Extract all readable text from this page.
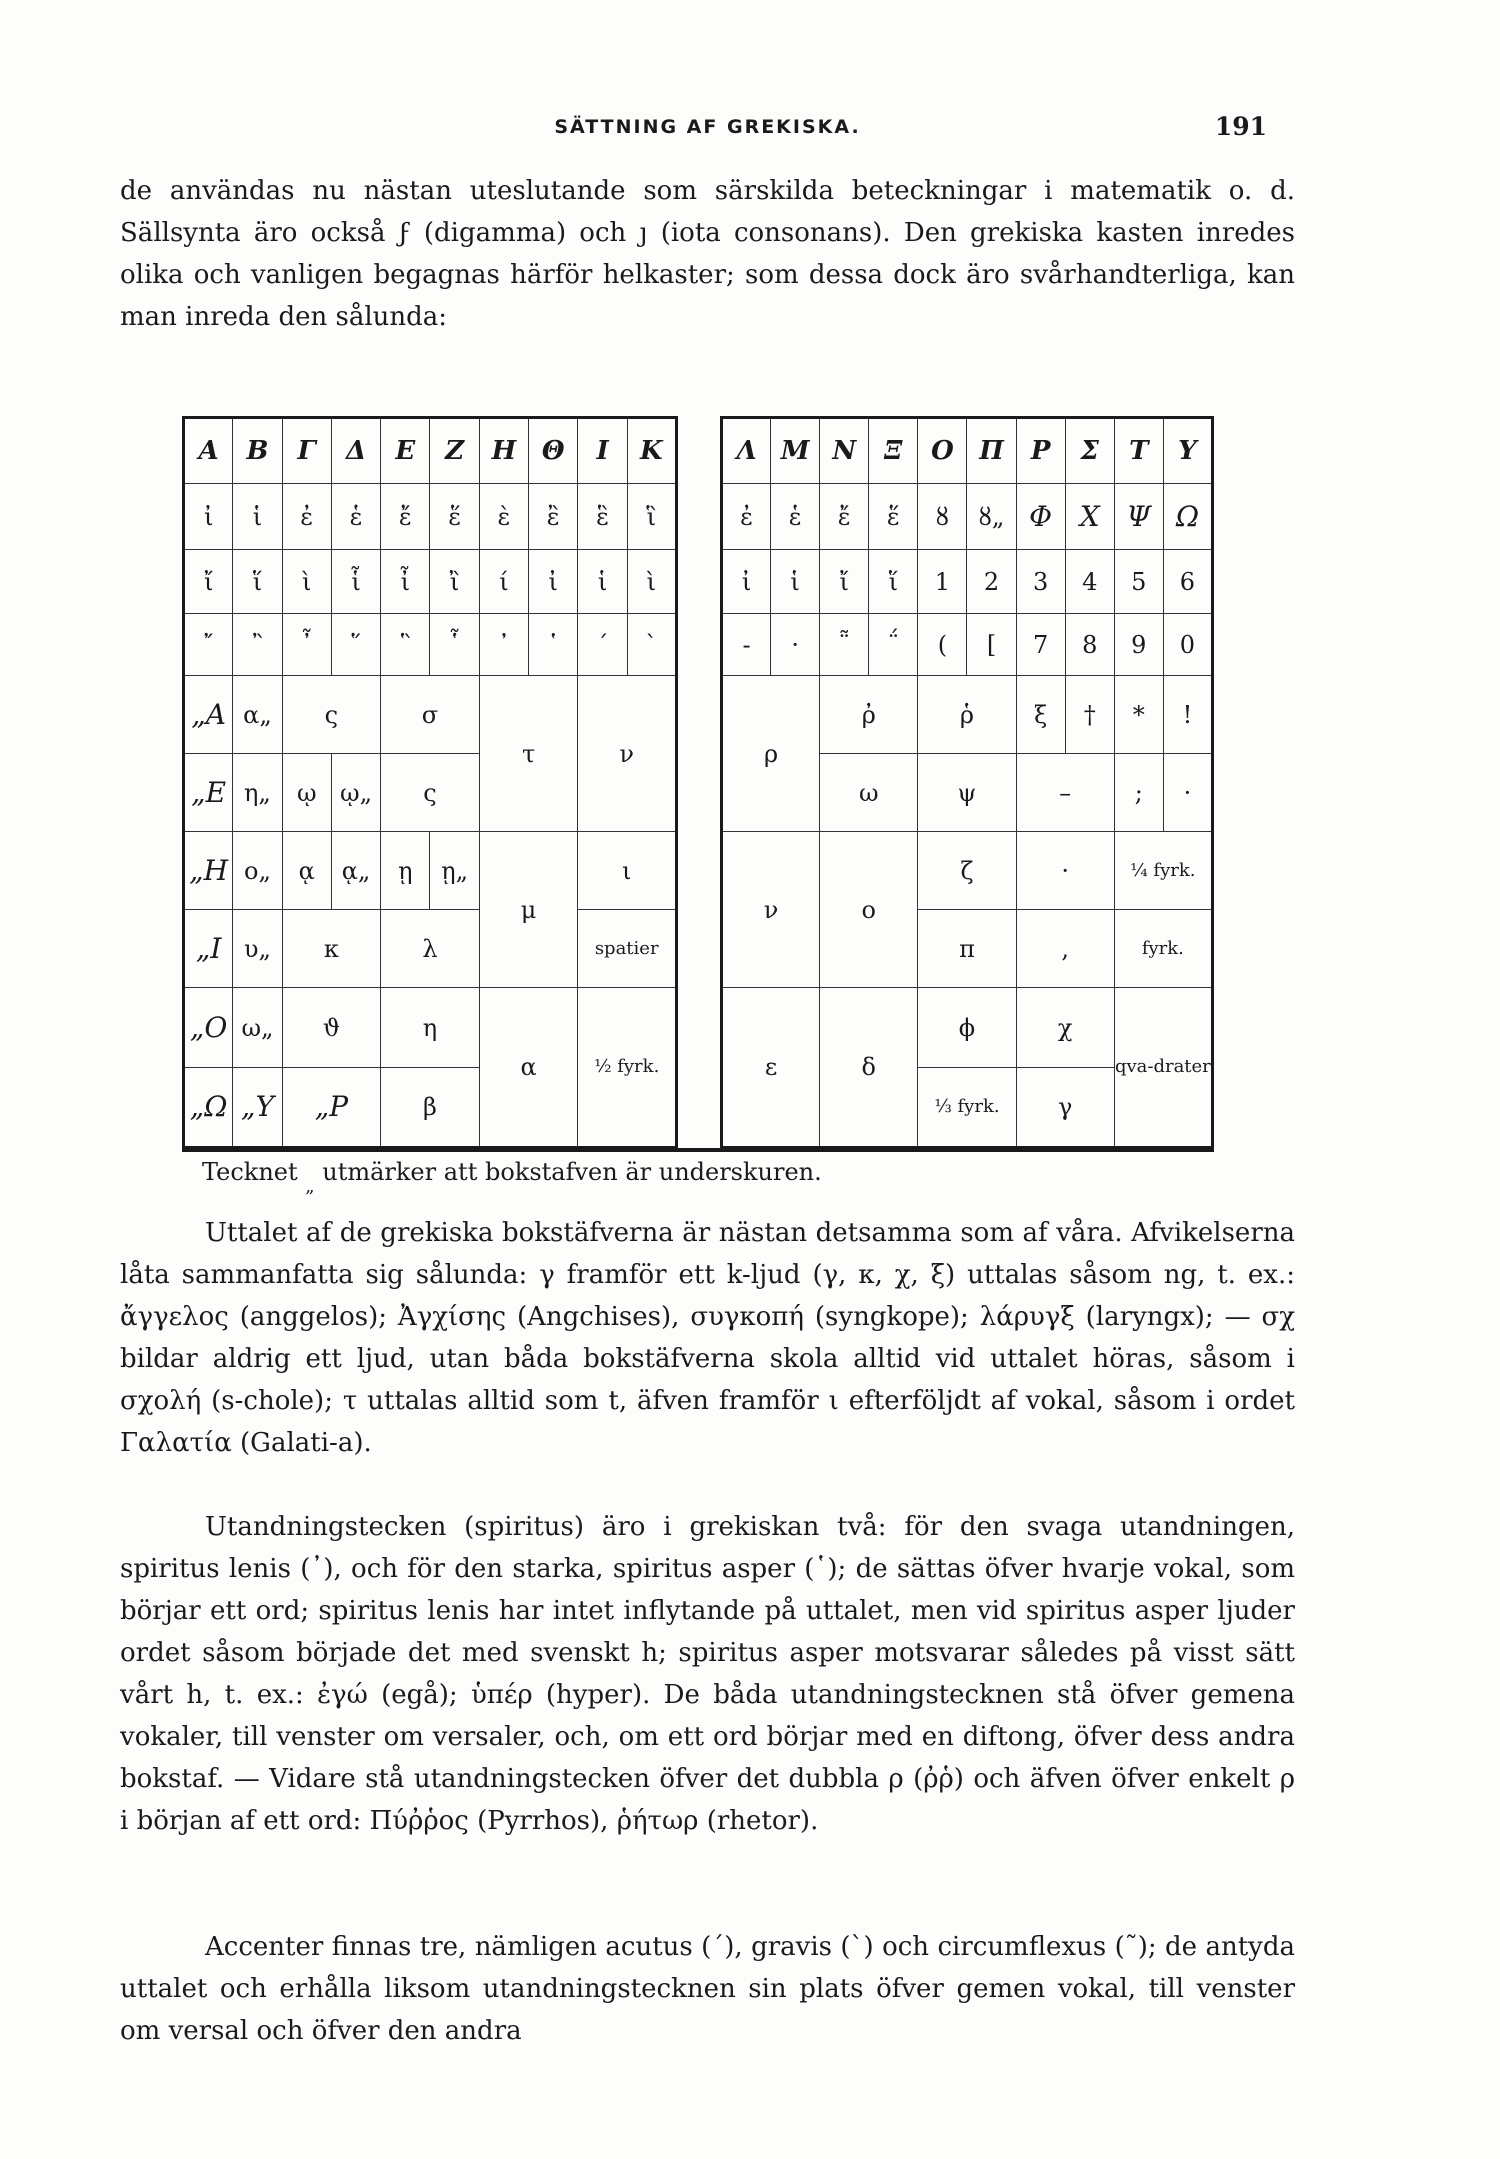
SÄTTNING AF GREKISKA.	191

de användas nu nästan uteslutande som särskilda beteckningar i matematik o. d. Sällsynta äro också ϝ (digamma) och ȷ (iota consonans). Den grekiska kasten inredes olika och vanligen begagnas härför helkaster; som dessa dock äro svårhandterliga, kan man inreda den sålunda:

Α	Β	Γ	Δ	Ε	Ζ	Η	Θ	Ι	Κ
ἰ	ἱ	ἐ	ἑ	ἔ	ἕ	ὲ	ἒ	ἓ	ἳ
ἴ	ἵ	ὶ	ἷ	ἶ	ἲ	ί	ἰ	ἱ	ὶ
῎	῍	῏	῞	῝	῟	᾿	῾	΄	`
„Α	α„	ς		σ		τ		ν	
„Ε	η„	ῳ	ῳ„	ς					
„Η	ο„	ᾳ	ᾳ„	ῃ	ῃ„	μ		ι	
„Ι	υ„	κ		λ				spatier	
„Ο	ω„	ϑ		η		α		½ fyrk.	
„Ω	„Υ	„Ρ		β					
Λ	Μ	Ν	Ξ	Ο	Π	Ρ	Σ	Τ	Υ
ἐ	ἑ	ἔ	ἕ	ȣ	ȣ„	Φ	Χ	Ψ	Ω
ἰ	ἱ	ἴ	ἵ	1	2	3	4	5	6
-	·	῁	΅	(	[	7	8	9	0
ρ		ῤ		ῥ		ξ	†	*	!
		ω		ψ		–		;	·
ν		ο		ζ		·		¼ fyrk.	
				π		,		fyrk.	
ε		δ		ϕ		χ		qva-drater	
				⅓ fyrk.		γ			
Tecknet $_„$ utmärker att bokstafven är underskuren.

Uttalet af de grekiska bokstäfverna är nästan detsamma som af våra. Afvikelserna låta sammanfatta sig sålunda: γ framför ett k-ljud (γ, κ, χ, ξ) uttalas såsom ng, t. ex.: ἄγγελος (anggelos); Ἀγχίσης (Angchises), συγκοπή (syngkope); λάρυγξ (laryngx); — σχ bildar aldrig ett ljud, utan båda bokstäfverna skola alltid vid uttalet höras, såsom i σχολή (s-chole); τ uttalas alltid som t, äfven framför ι efterföljdt af vokal, såsom i ordet Γαλατία (Galati-a).

Utandningstecken (spiritus) äro i grekiskan två: för den svaga utandningen, spiritus lenis (᾿), och för den starka, spiritus asper (῾); de sättas öfver hvarje vokal, som börjar ett ord; spiritus lenis har intet inflytande på uttalet, men vid spiritus asper ljuder ordet såsom började det med svenskt h; spiritus asper motsvarar således på visst sätt vårt h, t. ex.: ἐγώ (egå); ὑπέρ (hyper). De båda utandningstecknen stå öfver gemena vokaler, till venster om versaler, och, om ett ord börjar med en diftong, öfver dess andra bokstaf. — Vidare stå utandningstecken öfver det dubbla ρ (ῤῥ) och äfven öfver enkelt ρ i början af ett ord: Πύῤῥος (Pyrrhos), ῥήτωρ (rhetor).

Accenter finnas tre, nämligen acutus (΄), gravis (`) och circumflexus (῀); de antyda uttalet och erhålla liksom utandningstecknen sin plats öfver gemen vokal, till venster om versal och öfver den andra
